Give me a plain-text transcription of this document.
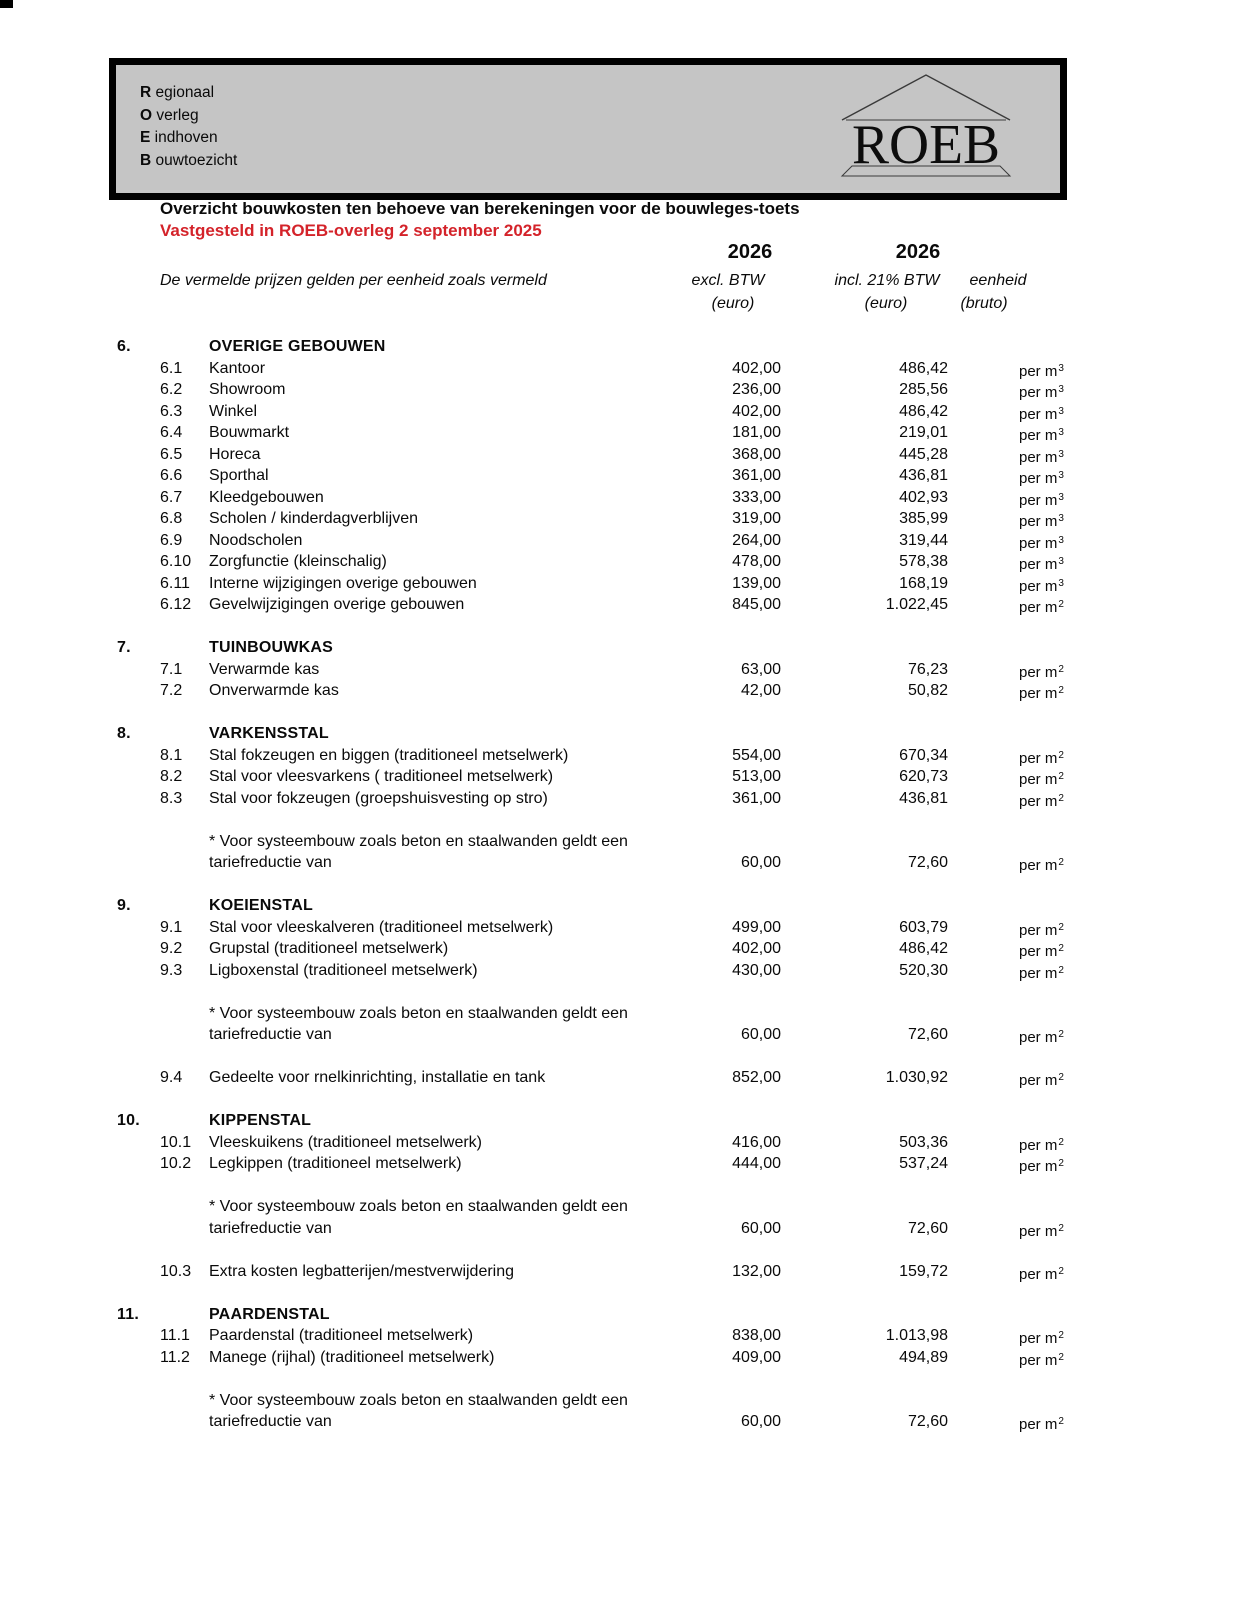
R egionaal
O verleg
E indhoven
B ouwtoezicht	ROEB
Overzicht bouwkosten ten behoeve van berekeningen voor de bouwleges-toets
Vastgesteld in ROEB-overleg 2 september 2025
2026	2026
De vermelde prijzen gelden per eenheid zoals vermeld	excl. BTW	incl. 21% BTW	eenheid
(euro)	(euro)	(bruto)
6.	OVERIGE GEBOUWEN
6.1	Kantoor	402,00	486,42	per $m^3$
6.2	Showroom	236,00	285,56	per $m^3$
6.3	Winkel	402,00	486,42	per $m^3$
6.4	Bouwmarkt	181,00	219,01	per $m^3$
6.5	Horeca	368,00	445,28	per $m^3$
6.6	Sporthal	361,00	436,81	per $m^3$
6.7	Kleedgebouwen	333,00	402,93	per $m^3$
6.8	Scholen / kinderdagverblijven	319,00	385,99	per $m^3$
6.9	Noodscholen	264,00	319,44	per $m^3$
6.10	Zorgfunctie (kleinschalig)	478,00	578,38	per $m^3$
6.11	Interne wijzigingen overige gebouwen	139,00	168,19	per $m^3$
6.12	Gevelwijzigingen overige gebouwen	845,00	1.022,45	per $m^2$
7.	TUINBOUWKAS
7.1	Verwarmde kas	63,00	76,23	per $m^2$
7.2	Onverwarmde kas	42,00	50,82	per $m^2$
8.	VARKENSSTAL
8.1	Stal fokzeugen en biggen (traditioneel metselwerk)	554,00	670,34	per $m^2$
8.2	Stal voor vleesvarkens ( traditioneel metselwerk)	513,00	620,73	per $m^2$
8.3	Stal voor fokzeugen (groepshuisvesting op stro)	361,00	436,81	per $m^2$
* Voor systeembouw zoals beton en staalwanden geldt een
tariefreductie van	60,00	72,60	per $m^2$
9.	KOEIENSTAL
9.1	Stal voor vleeskalveren (traditioneel metselwerk)	499,00	603,79	per $m^2$
9.2	Grupstal (traditioneel metselwerk)	402,00	486,42	per $m^2$
9.3	Ligboxenstal (traditioneel metselwerk)	430,00	520,30	per $m^2$
* Voor systeembouw zoals beton en staalwanden geldt een
tariefreductie van	60,00	72,60	per $m^2$
9.4	Gedeelte voor rnelkinrichting, installatie en tank	852,00	1.030,92	per $m^2$
10.	KIPPENSTAL
10.1	Vleeskuikens (traditioneel metselwerk)	416,00	503,36	per $m^2$
10.2	Legkippen (traditioneel metselwerk)	444,00	537,24	per $m^2$
* Voor systeembouw zoals beton en staalwanden geldt een
tariefreductie van	60,00	72,60	per $m^2$
10.3	Extra kosten legbatterijen/mestverwijdering	132,00	159,72	per $m^2$
11.	PAARDENSTAL
11.1	Paardenstal (traditioneel metselwerk)	838,00	1.013,98	per $m^2$
11.2	Manege (rijhal) (traditioneel metselwerk)	409,00	494,89	per $m^2$
* Voor systeembouw zoals beton en staalwanden geldt een
tariefreductie van	60,00	72,60	per $m^2$
